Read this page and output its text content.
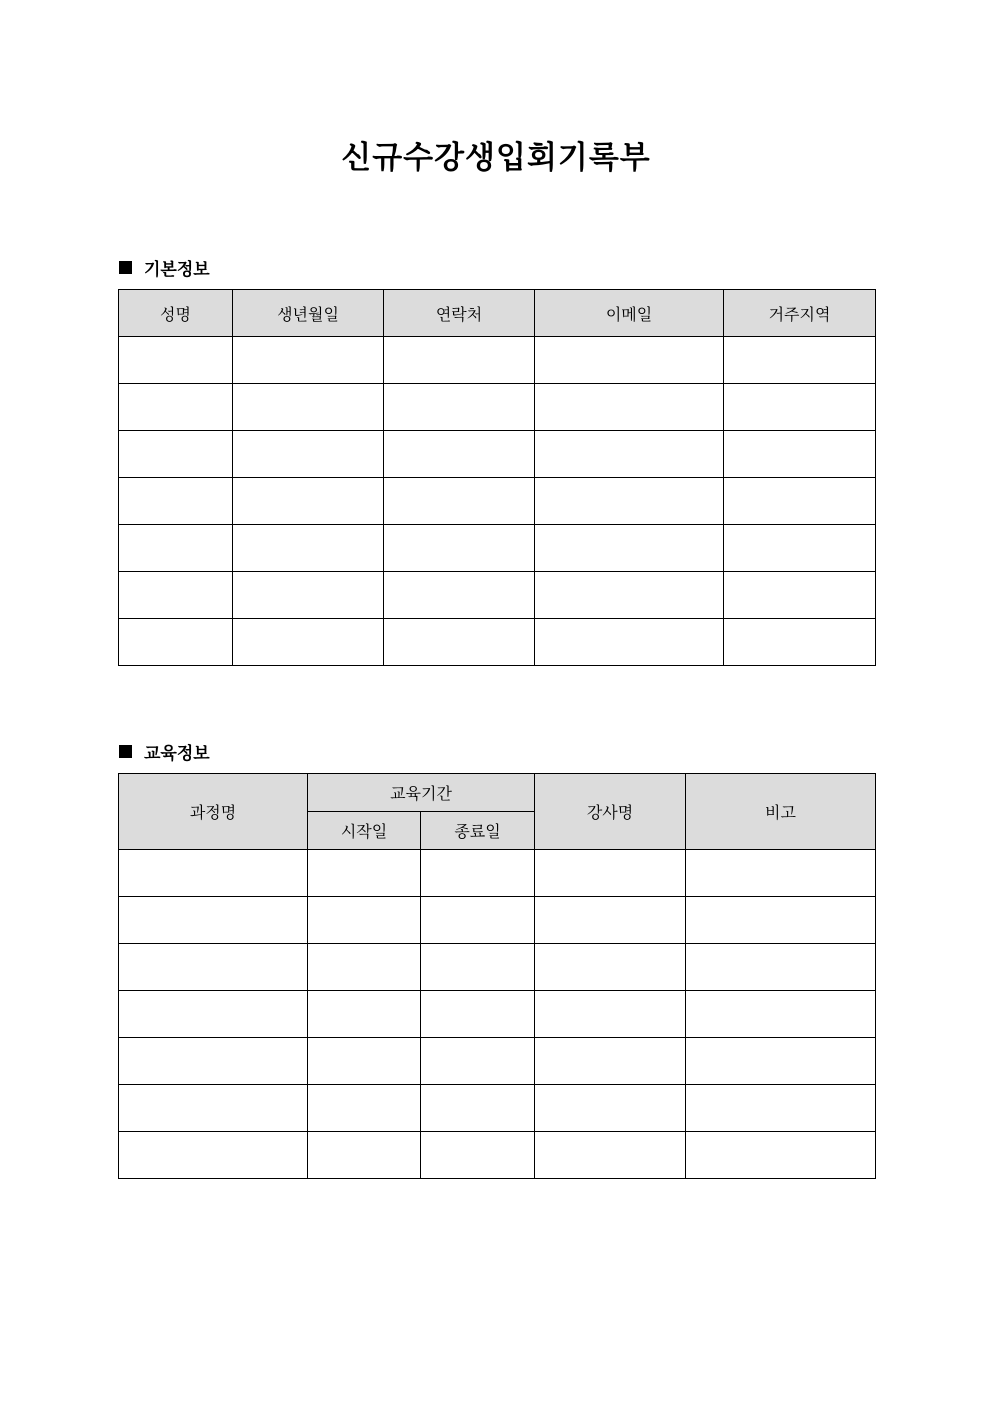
신규수강생입회기록부
기본정보
성명	생년월일	연락처	이메일	거주지역

교육정보
과정명	교육기간		강사명	비고
	시작일	종료일		
